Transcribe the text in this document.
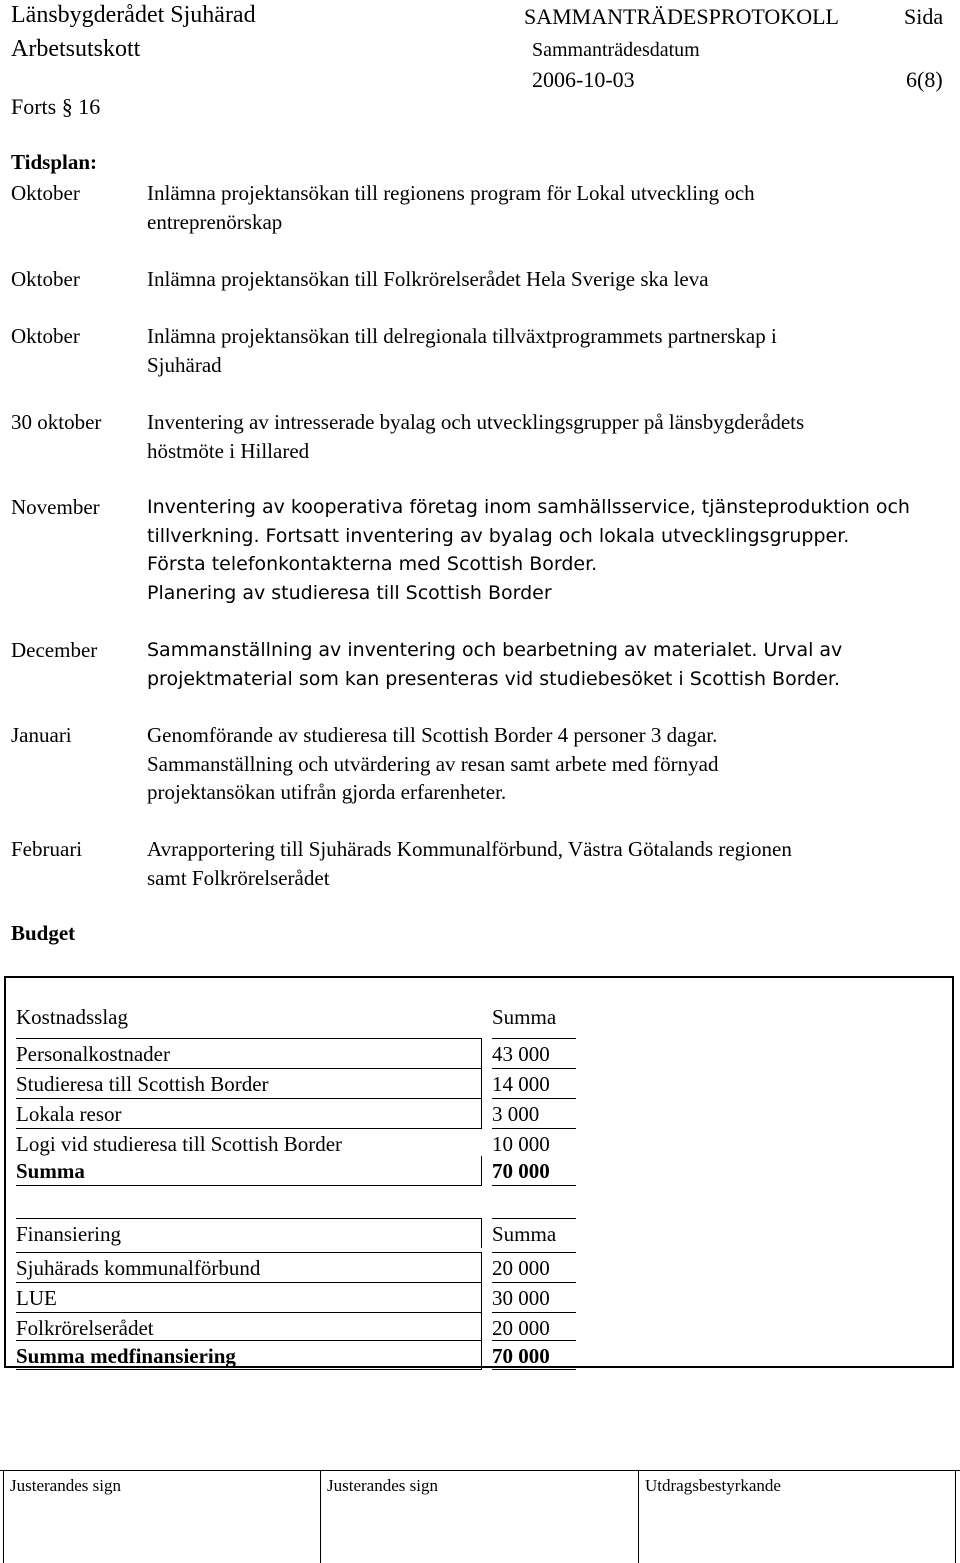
Länsbygderådet Sjuhärad	SAMMANTRÄDESPROTOKOLL	Sida
Arbetsutskott	Sammanträdesdatum
2006-10-03	6(8)
Forts § 16
Tidsplan:
Oktober	Inlämna projektansökan till regionens program för Lokal utveckling och
entreprenörskap
Oktober	Inlämna projektansökan till Folkrörelserådet Hela Sverige ska leva
Oktober	Inlämna projektansökan till delregionala tillväxtprogrammets partnerskap i
Sjuhärad
30 oktober Inventering av intresserade byalag och utvecklingsgrupper på länsbygderådets
höstmöte i Hillared
November Inventering av kooperativa företag inom samhällsservice, tjänsteproduktion och
tillverkning. Fortsatt inventering av byalag och lokala utvecklingsgrupper.
Första telefonkontakterna med Scottish Border.
Planering av studieresa till Scottish Border
December	Sammanställning av inventering och bearbetning av materialet. Urval av
projektmaterial som kan presenteras vid studiebesöket i Scottish Border.
Januari	Genomförande av studieresa till Scottish Border 4 personer 3 dagar.
Sammanställning och utvärdering av resan samt arbete med förnyad
projektansökan utifrån gjorda erfarenheter.
Februari	Avrapportering till Sjuhärads Kommunalförbund, Västra Götalands regionen
samt Folkrörelserådet
Budget
Kostnadsslag	Summa
Personalkostnader	43 000
Studieresa till Scottish Border	14 000
Lokala resor	3 000
Logi vid studieresa till Scottish Border	10 000
Summa	70 000
Finansiering	Summa
Sjuhärads kommunalförbund	20 000
LUE	30 000
Folkrörelserådet	20 000
Summa medfinansiering	70 000
Justerandes sign	Justerandes sign	Utdragsbestyrkande
